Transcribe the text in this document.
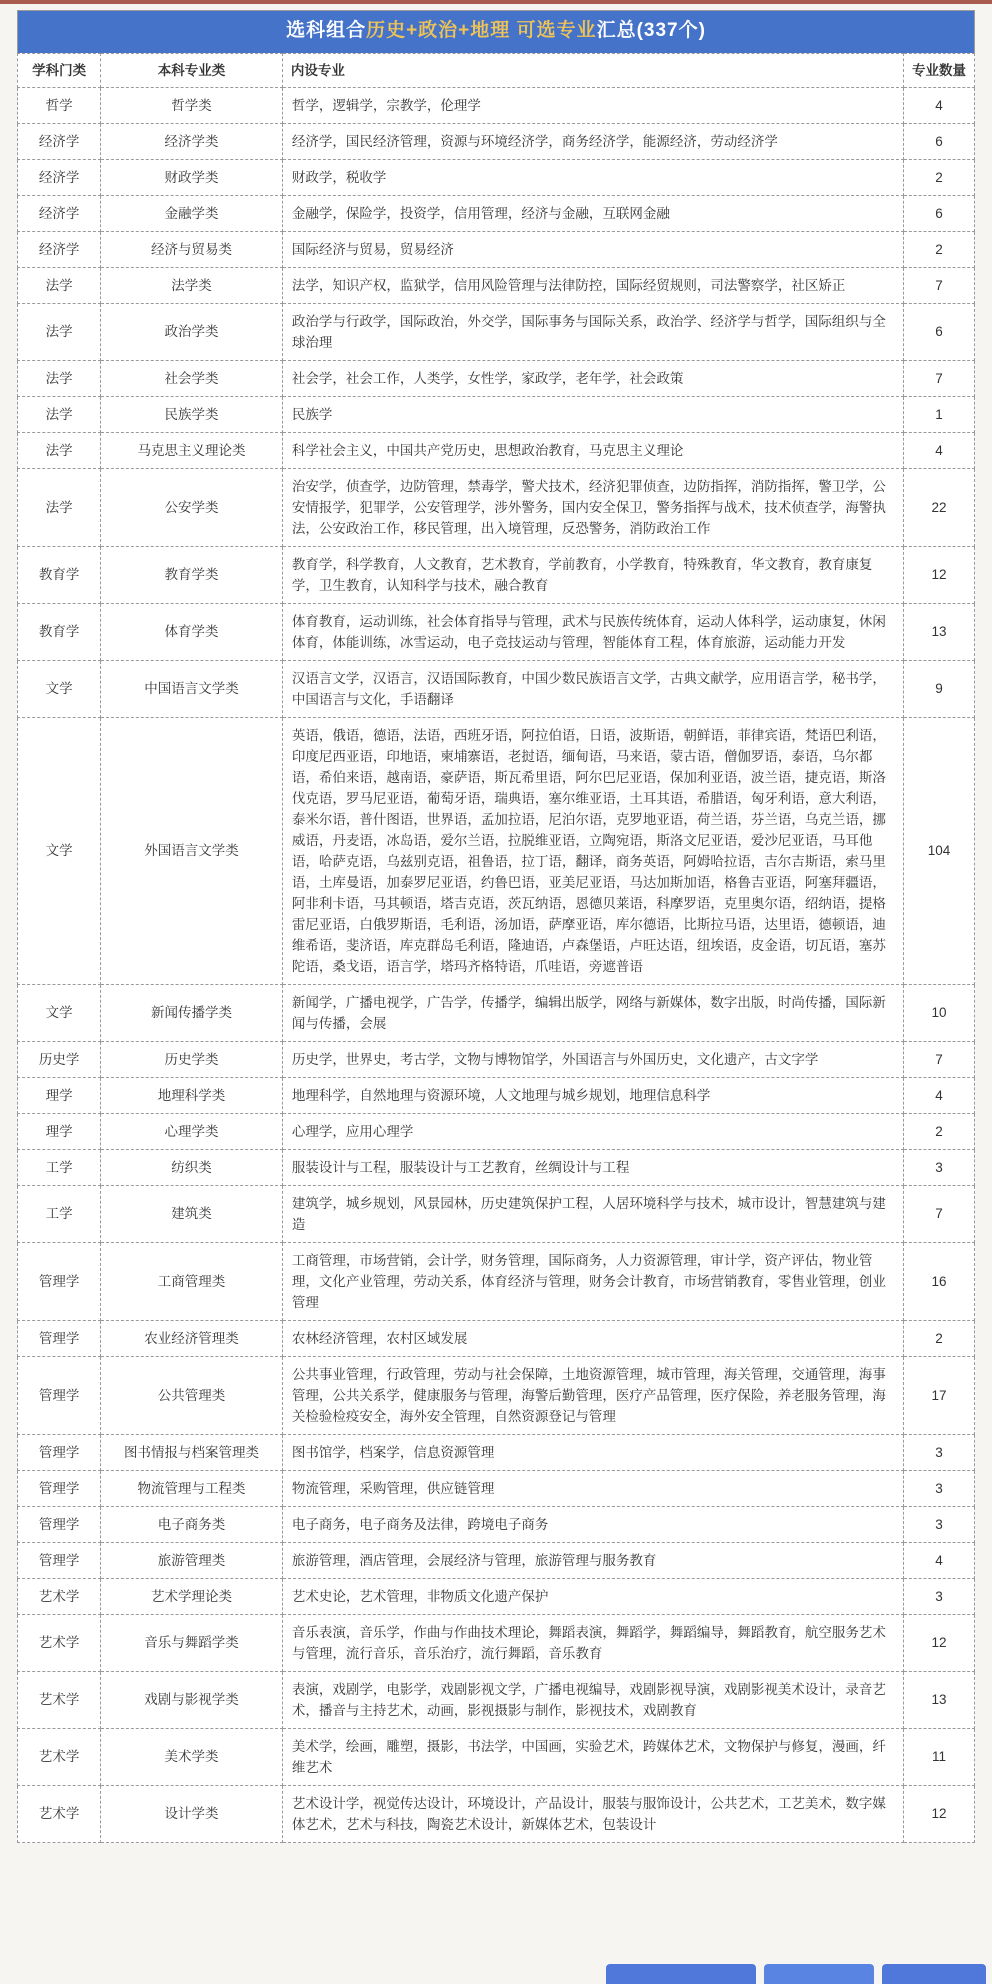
选科组合历史+政治+地理 可选专业汇总(337个)
学科门类	本科专业类	内设专业	专业数量
哲学	哲学类	哲学，逻辑学，宗教学，伦理学	4
经济学	经济学类	经济学，国民经济管理，资源与环境经济学，商务经济学，能源经济，劳动经济学	6
经济学	财政学类	财政学，税收学	2
经济学	金融学类	金融学，保险学，投资学，信用管理，经济与金融，互联网金融	6
经济学	经济与贸易类	国际经济与贸易，贸易经济	2
法学	法学类	法学，知识产权，监狱学，信用风险管理与法律防控，国际经贸规则，司法警察学，社区矫正	7
法学	政治学类	政治学与行政学，国际政治，外交学，国际事务与国际关系，政治学、经济学与哲学，国际组织与全球治理	6
法学	社会学类	社会学，社会工作，人类学，女性学，家政学，老年学，社会政策	7
法学	民族学类	民族学	1
法学	马克思主义理论类	科学社会主义，中国共产党历史，思想政治教育，马克思主义理论	4
法学	公安学类	治安学，侦查学，边防管理，禁毒学，警犬技术，经济犯罪侦查，边防指挥，消防指挥，警卫学，公安情报学，犯罪学，公安管理学，涉外警务，国内安全保卫，警务指挥与战术，技术侦查学，海警执法，公安政治工作，移民管理，出入境管理，反恐警务，消防政治工作	22
教育学	教育学类	教育学，科学教育，人文教育，艺术教育，学前教育，小学教育，特殊教育，华文教育，教育康复学，卫生教育，认知科学与技术，融合教育	12
教育学	体育学类	体育教育，运动训练，社会体育指导与管理，武术与民族传统体育，运动人体科学，运动康复，休闲体育，体能训练，冰雪运动，电子竞技运动与管理，智能体育工程，体育旅游，运动能力开发	13
文学	中国语言文学类	汉语言文学，汉语言，汉语国际教育，中国少数民族语言文学，古典文献学，应用语言学，秘书学，中国语言与文化，手语翻译	9
文学	外国语言文学类	英语，俄语，德语，法语，西班牙语，阿拉伯语，日语，波斯语，朝鲜语，菲律宾语，梵语巴利语，印度尼西亚语，印地语，柬埔寨语，老挝语，缅甸语，马来语，蒙古语，僧伽罗语，泰语，乌尔都语，希伯来语，越南语，豪萨语，斯瓦希里语，阿尔巴尼亚语，保加利亚语，波兰语，捷克语，斯洛伐克语，罗马尼亚语，葡萄牙语，瑞典语，塞尔维亚语，土耳其语，希腊语，匈牙利语，意大利语，泰米尔语，普什图语，世界语，孟加拉语，尼泊尔语，克罗地亚语，荷兰语，芬兰语，乌克兰语，挪威语，丹麦语，冰岛语，爱尔兰语，拉脱维亚语，立陶宛语，斯洛文尼亚语，爱沙尼亚语，马耳他语，哈萨克语，乌兹别克语，祖鲁语，拉丁语，翻译，商务英语，阿姆哈拉语，吉尔吉斯语，索马里语，土库曼语，加泰罗尼亚语，约鲁巴语，亚美尼亚语，马达加斯加语，格鲁吉亚语，阿塞拜疆语，阿非利卡语，马其顿语，塔吉克语，茨瓦纳语，恩德贝莱语，科摩罗语，克里奥尔语，绍纳语，提格雷尼亚语，白俄罗斯语，毛利语，汤加语，萨摩亚语，库尔德语，比斯拉马语，达里语，德顿语，迪维希语，斐济语，库克群岛毛利语，隆迪语，卢森堡语，卢旺达语，纽埃语，皮金语，切瓦语，塞苏陀语，桑戈语，语言学，塔玛齐格特语，爪哇语，旁遮普语	104
文学	新闻传播学类	新闻学，广播电视学，广告学，传播学，编辑出版学，网络与新媒体，数字出版，时尚传播，国际新闻与传播，会展	10
历史学	历史学类	历史学，世界史，考古学，文物与博物馆学，外国语言与外国历史，文化遗产，古文字学	7
理学	地理科学类	地理科学，自然地理与资源环境，人文地理与城乡规划，地理信息科学	4
理学	心理学类	心理学，应用心理学	2
工学	纺织类	服装设计与工程，服装设计与工艺教育，丝绸设计与工程	3
工学	建筑类	建筑学，城乡规划，风景园林，历史建筑保护工程，人居环境科学与技术，城市设计，智慧建筑与建造	7
管理学	工商管理类	工商管理，市场营销，会计学，财务管理，国际商务，人力资源管理，审计学，资产评估，物业管理，文化产业管理，劳动关系，体育经济与管理，财务会计教育，市场营销教育，零售业管理，创业管理	16
管理学	农业经济管理类	农林经济管理，农村区域发展	2
管理学	公共管理类	公共事业管理，行政管理，劳动与社会保障，土地资源管理，城市管理，海关管理，交通管理，海事管理，公共关系学，健康服务与管理，海警后勤管理，医疗产品管理，医疗保险，养老服务管理，海关检验检疫安全，海外安全管理，自然资源登记与管理	17
管理学	图书情报与档案管理类	图书馆学，档案学，信息资源管理	3
管理学	物流管理与工程类	物流管理，采购管理，供应链管理	3
管理学	电子商务类	电子商务，电子商务及法律，跨境电子商务	3
管理学	旅游管理类	旅游管理，酒店管理，会展经济与管理，旅游管理与服务教育	4
艺术学	艺术学理论类	艺术史论，艺术管理，非物质文化遗产保护	3
艺术学	音乐与舞蹈学类	音乐表演，音乐学，作曲与作曲技术理论，舞蹈表演，舞蹈学，舞蹈编导，舞蹈教育，航空服务艺术与管理，流行音乐，音乐治疗，流行舞蹈，音乐教育	12
艺术学	戏剧与影视学类	表演，戏剧学，电影学，戏剧影视文学，广播电视编导，戏剧影视导演，戏剧影视美术设计，录音艺术，播音与主持艺术，动画，影视摄影与制作，影视技术，戏剧教育	13
艺术学	美术学类	美术学，绘画，雕塑，摄影，书法学，中国画，实验艺术，跨媒体艺术，文物保护与修复，漫画，纤维艺术	11
艺术学	设计学类	艺术设计学，视觉传达设计，环境设计，产品设计，服装与服饰设计，公共艺术，工艺美术，数字媒体艺术，艺术与科技，陶瓷艺术设计，新媒体艺术，包装设计	12
